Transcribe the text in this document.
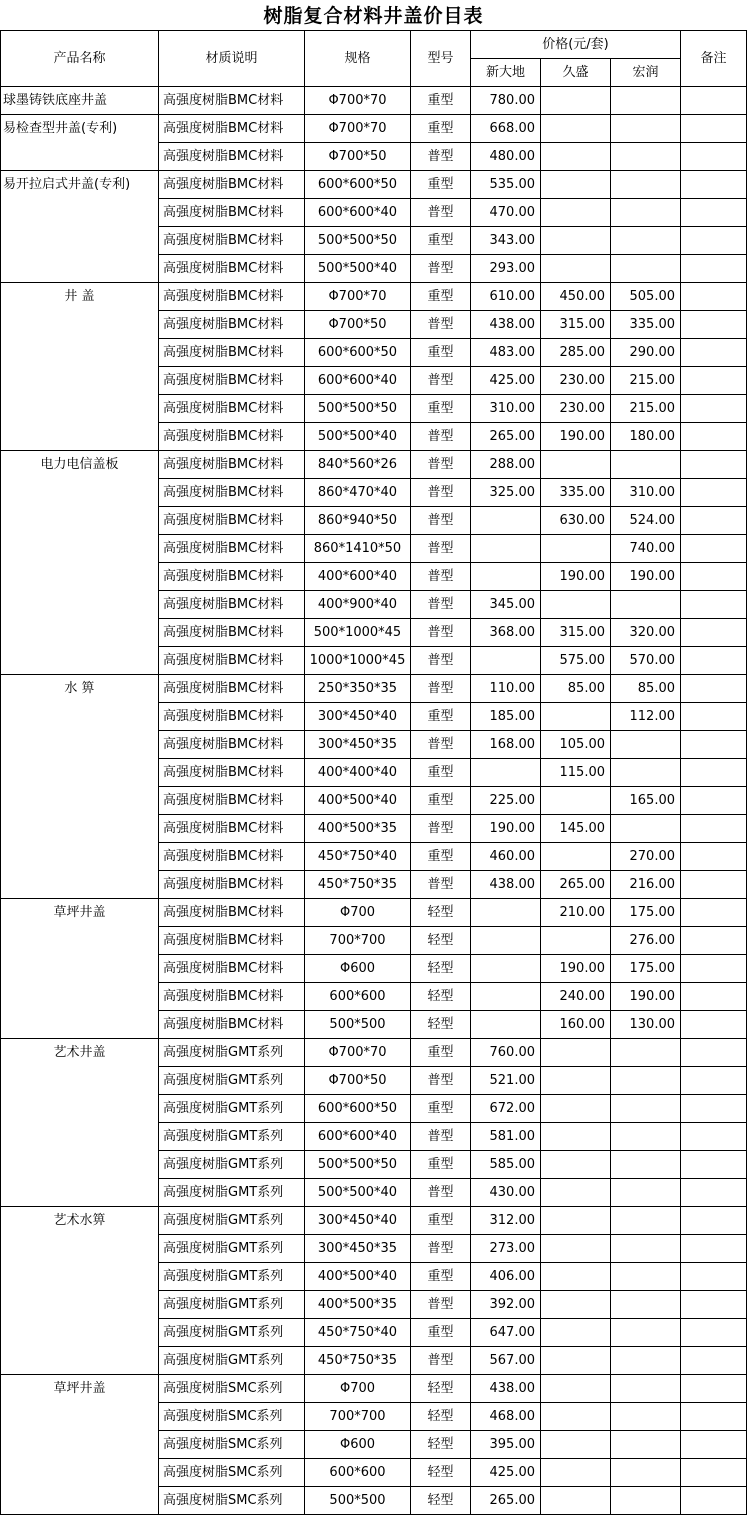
树脂复合材料井盖价目表
产品名称	材质说明	规格	型号	价格(元/套)			备注
				新大地	久盛	宏润	
球墨铸铁底座井盖	高强度树脂BMC材料	Φ700*70	重型	780.00			
易检查型井盖(专利)	高强度树脂BMC材料	Φ700*70	重型	668.00			
	高强度树脂BMC材料	Φ700*50	普型	480.00			
易开拉启式井盖(专利)	高强度树脂BMC材料	600*600*50	重型	535.00			
	高强度树脂BMC材料	600*600*40	普型	470.00			
	高强度树脂BMC材料	500*500*50	重型	343.00			
	高强度树脂BMC材料	500*500*40	普型	293.00			
井 盖	高强度树脂BMC材料	Φ700*70	重型	610.00	450.00	505.00	
	高强度树脂BMC材料	Φ700*50	普型	438.00	315.00	335.00	
	高强度树脂BMC材料	600*600*50	重型	483.00	285.00	290.00	
	高强度树脂BMC材料	600*600*40	普型	425.00	230.00	215.00	
	高强度树脂BMC材料	500*500*50	重型	310.00	230.00	215.00	
	高强度树脂BMC材料	500*500*40	普型	265.00	190.00	180.00	
电力电信盖板	高强度树脂BMC材料	840*560*26	普型	288.00			
	高强度树脂BMC材料	860*470*40	普型	325.00	335.00	310.00	
	高强度树脂BMC材料	860*940*50	普型		630.00	524.00	
	高强度树脂BMC材料	860*1410*50	普型			740.00	
	高强度树脂BMC材料	400*600*40	普型		190.00	190.00	
	高强度树脂BMC材料	400*900*40	普型	345.00			
	高强度树脂BMC材料	500*1000*45	普型	368.00	315.00	320.00	
	高强度树脂BMC材料	1000*1000*45	普型		575.00	570.00	
水 箅	高强度树脂BMC材料	250*350*35	普型	110.00	85.00	85.00	
	高强度树脂BMC材料	300*450*40	重型	185.00		112.00	
	高强度树脂BMC材料	300*450*35	普型	168.00	105.00		
	高强度树脂BMC材料	400*400*40	重型		115.00		
	高强度树脂BMC材料	400*500*40	重型	225.00		165.00	
	高强度树脂BMC材料	400*500*35	普型	190.00	145.00		
	高强度树脂BMC材料	450*750*40	重型	460.00		270.00	
	高强度树脂BMC材料	450*750*35	普型	438.00	265.00	216.00	
草坪井盖	高强度树脂BMC材料	Φ700	轻型		210.00	175.00	
	高强度树脂BMC材料	700*700	轻型			276.00	
	高强度树脂BMC材料	Φ600	轻型		190.00	175.00	
	高强度树脂BMC材料	600*600	轻型		240.00	190.00	
	高强度树脂BMC材料	500*500	轻型		160.00	130.00	
艺术井盖	高强度树脂GMT系列	Φ700*70	重型	760.00			
	高强度树脂GMT系列	Φ700*50	普型	521.00			
	高强度树脂GMT系列	600*600*50	重型	672.00			
	高强度树脂GMT系列	600*600*40	普型	581.00			
	高强度树脂GMT系列	500*500*50	重型	585.00			
	高强度树脂GMT系列	500*500*40	普型	430.00			
艺术水箅	高强度树脂GMT系列	300*450*40	重型	312.00			
	高强度树脂GMT系列	300*450*35	普型	273.00			
	高强度树脂GMT系列	400*500*40	重型	406.00			
	高强度树脂GMT系列	400*500*35	普型	392.00			
	高强度树脂GMT系列	450*750*40	重型	647.00			
	高强度树脂GMT系列	450*750*35	普型	567.00			
草坪井盖	高强度树脂SMC系列	Φ700	轻型	438.00			
	高强度树脂SMC系列	700*700	轻型	468.00			
	高强度树脂SMC系列	Φ600	轻型	395.00			
	高强度树脂SMC系列	600*600	轻型	425.00			
	高强度树脂SMC系列	500*500	轻型	265.00			
